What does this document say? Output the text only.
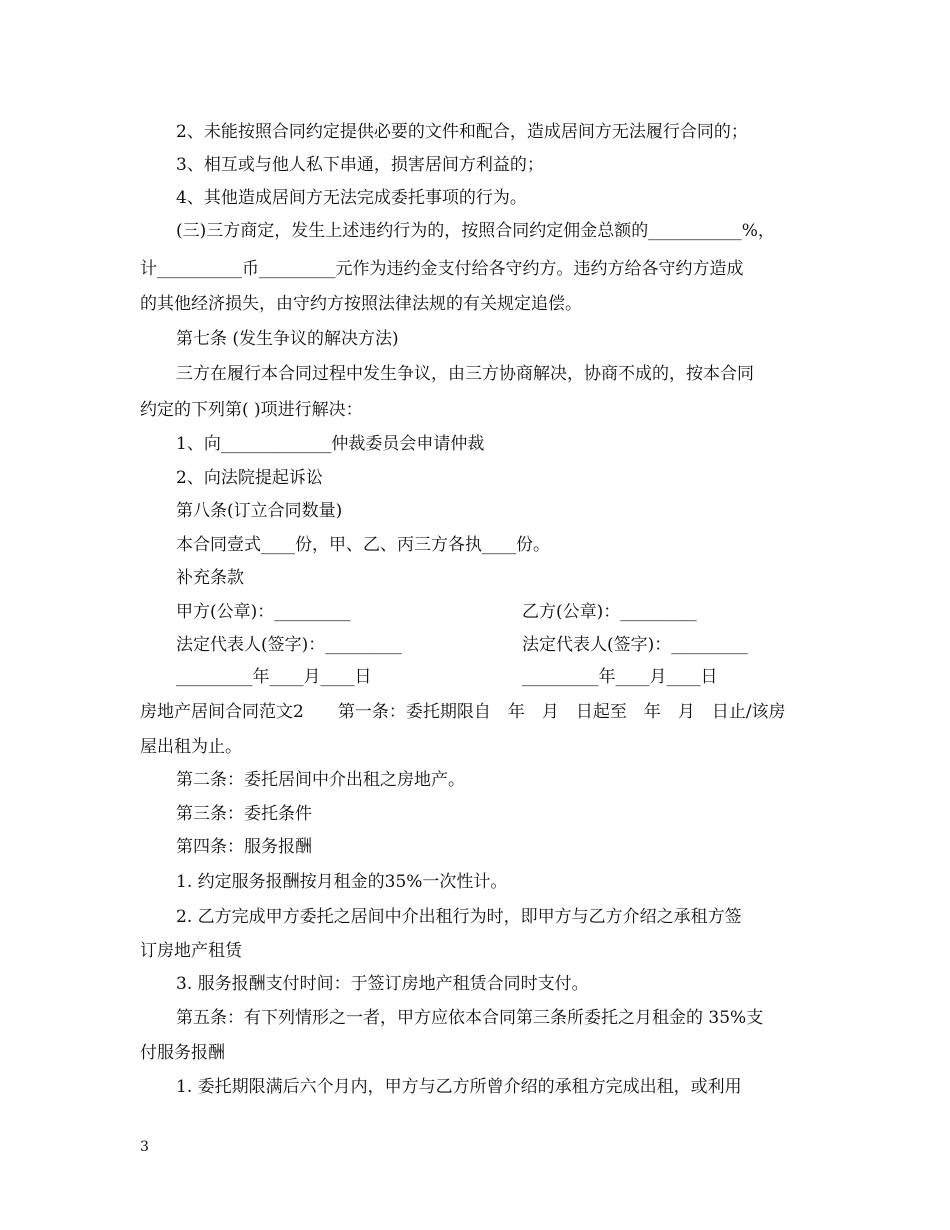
2、未能按照合同约定提供必要的文件和配合，造成居间方无法履行合同的；
3、相互或与他人私下串通，损害居间方利益的；
4、其他造成居间方无法完成委托事项的行为。
(三)三方商定，发生上述违约行为的，按照合同约定佣金总额的___________%，
计__________币_________元作为违约金支付给各守约方。违约方给各守约方造成
的其他经济损失，由守约方按照法律法规的有关规定追偿。
第七条 (发生争议的解决方法)
三方在履行本合同过程中发生争议，由三方协商解决，协商不成的，按本合同
约定的下列第( )项进行解决：
1、向_____________仲裁委员会申请仲裁
2、向法院提起诉讼
第八条(订立合同数量)
本合同壹式____份，甲、乙、丙三方各执____份。
补充条款
甲方(公章)：_________	乙方(公章)：_________
法定代表人(签字)：_________	法定代表人(签字)：_________
_________年____月____日	_________年____月____日
房地产居间合同范文2　　第一条：委托期限自　年　月　日起至　年　月　日止/该房
屋出租为止。
第二条：委托居间中介出租之房地产。
第三条：委托条件
第四条：服务报酬
1. 约定服务报酬按月租金的35%一次性计。
2. 乙方完成甲方委托之居间中介出租行为时，即甲方与乙方介绍之承租方签
订房地产租赁
3. 服务报酬支付时间：于签订房地产租赁合同时支付。
第五条：有下列情形之一者，甲方应依本合同第三条所委托之月租金的 35%支
付服务报酬
1. 委托期限满后六个月内，甲方与乙方所曾介绍的承租方完成出租，或利用
3
